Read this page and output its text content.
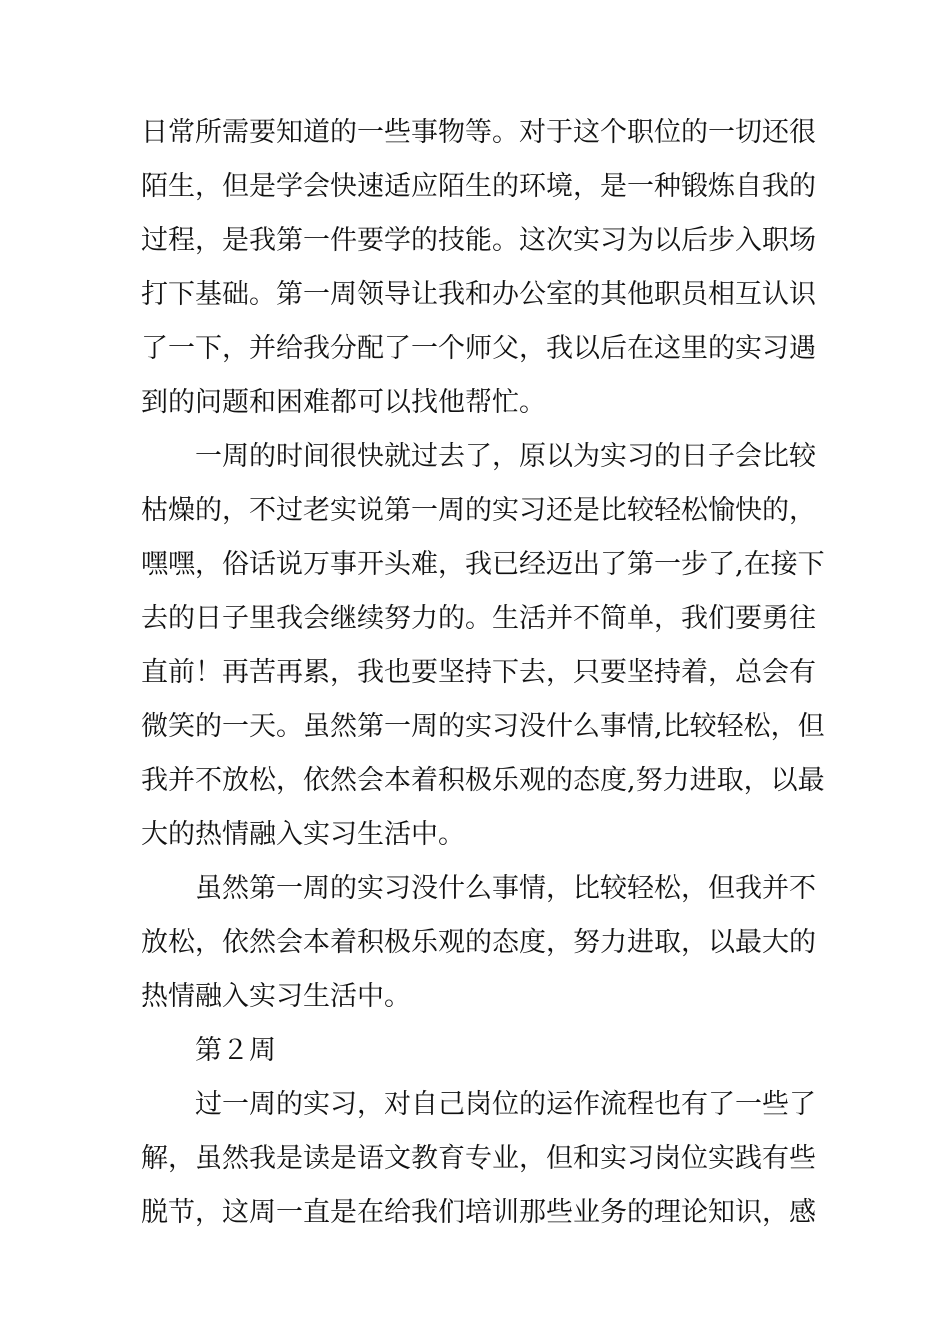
日常所需要知道的一些事物等。对于这个职位的一切还很
陌生，但是学会快速适应陌生的环境，是一种锻炼自我的
过程，是我第一件要学的技能。这次实习为以后步入职场
打下基础。第一周领导让我和办公室的其他职员相互认识
了一下，并给我分配了一个师父，我以后在这里的实习遇
到的问题和困难都可以找他帮忙。
一周的时间很快就过去了，原以为实习的日子会比较
枯燥的，不过老实说第一周的实习还是比较轻松愉快的，
嘿嘿，俗话说万事开头难，我已经迈出了第一步了,在接下
去的日子里我会继续努力的。生活并不简单，我们要勇往
直前！再苦再累，我也要坚持下去，只要坚持着，总会有
微笑的一天。虽然第一周的实习没什么事情,比较轻松，但
我并不放松，依然会本着积极乐观的态度,努力进取，以最
大的热情融入实习生活中。
虽然第一周的实习没什么事情，比较轻松，但我并不
放松，依然会本着积极乐观的态度，努力进取，以最大的
热情融入实习生活中。
第２周
过一周的实习，对自己岗位的运作流程也有了一些了
解，虽然我是读是语文教育专业，但和实习岗位实践有些
脱节，这周一直是在给我们培训那些业务的理论知识，感
